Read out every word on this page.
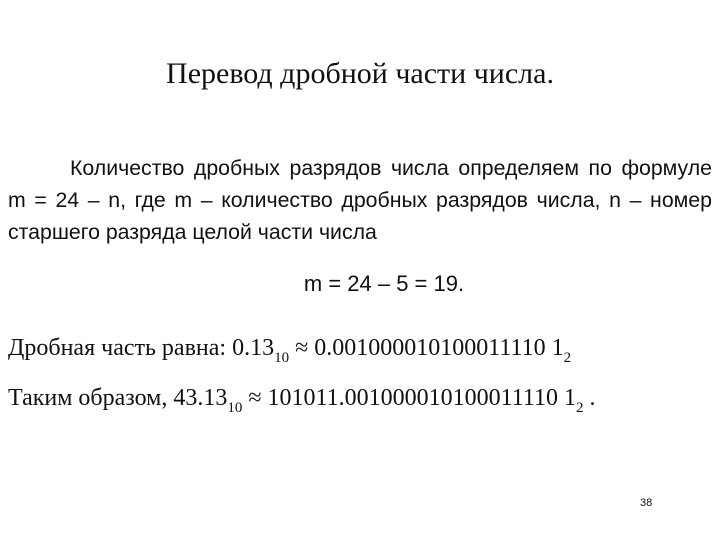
Перевод дробной части числа.

Количество дробных разрядов числа определяем по формуле m = 24 – n, где m – количество дробных разрядов числа, n – номер старшего разряда целой части числа

m = 24 – 5 = 19.

Дробная часть равна: $0.13_{10} \approx 0.001000010100011110$ $1_2$

Таким образом, $43.13_{10} \approx 101011.001000010100011110$ $1_2$ .

38
